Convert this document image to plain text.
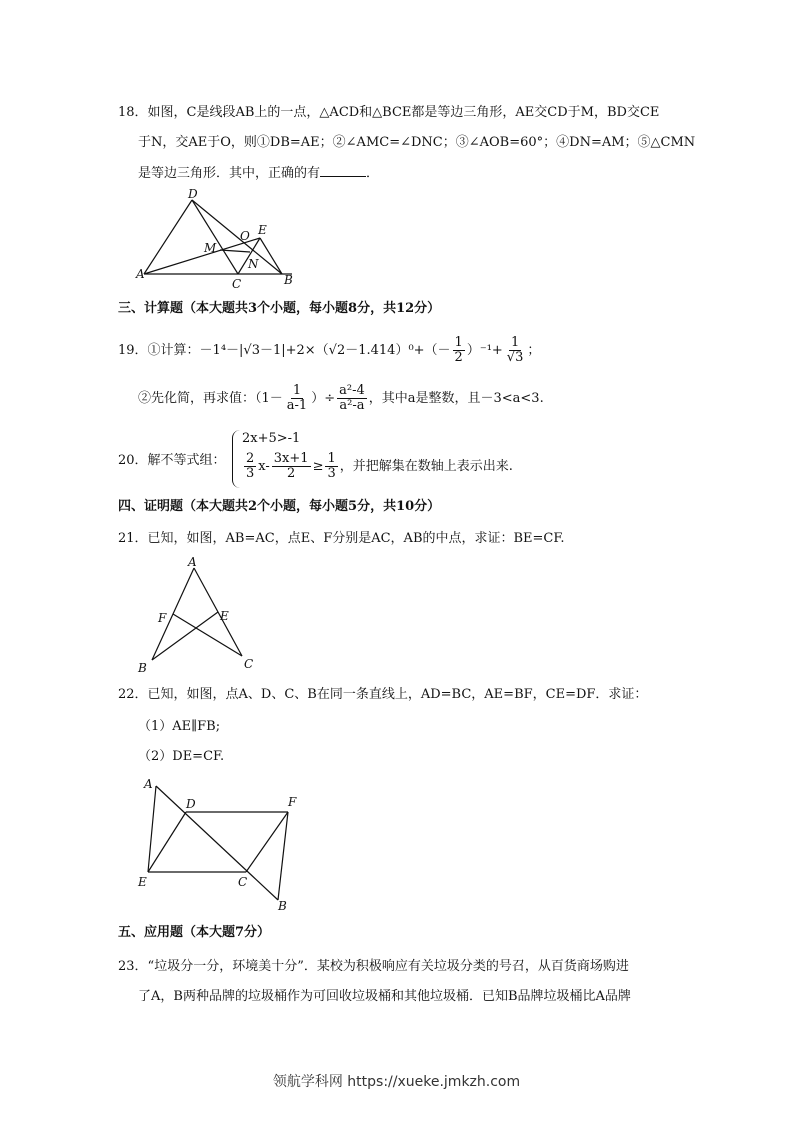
18．如图，C是线段AB上的一点，△ACD和△BCE都是等边三角形，AE交CD于M，BD交CE
于N，交AE于O，则①DB=AE；②∠AMC=∠DNC；③∠AOB=60°；④DN=AM；⑤△CMN
是等边三角形．其中，正确的有	．
D
E
O
M
N
A
C	B
三、计算题（本大题共3个小题，每小题8分，共12分）
19．①计算：$-1^4-|√3-1|+2\times(√2-1.414)^0+(- \frac{1}{2} )^{-1}+ \frac{1}{√3}$ ；
②先化简，再求值：（$1- \frac{1}{a-1}$ ）÷ $\frac{\text{a²-4}}{\text{a²-a}}$ ，其中a是整数，且－3<a<3.
20．解不等式组：
2x+5>-1
$\frac{2}{3} x- \frac{3x+1}{2} \ge \frac{1}{3}$ ，并把解集在数轴上表示出来.
四、证明题（本大题共2个小题，每小题5分，共10分）
21．已知，如图，AB=AC，点E、F分别是AC，AB的中点，求证：BE=CF.
A
F	E
B	C
22．已知，如图，点A、D、C、B在同一条直线上，AD=BC，AE=BF，CE=DF．求证：
（1）AE∥FB;
（2）DE=CF.
A
D	F
E	C
B
五、应用题（本大题7分）
23．“垃圾分一分，环境美十分”．某校为积极响应有关垃圾分类的号召，从百货商场购进
了A，B两种品牌的垃圾桶作为可回收垃圾桶和其他垃圾桶．已知B品牌垃圾桶比A品牌
领航学科网 https://xueke.jmkzh.com
